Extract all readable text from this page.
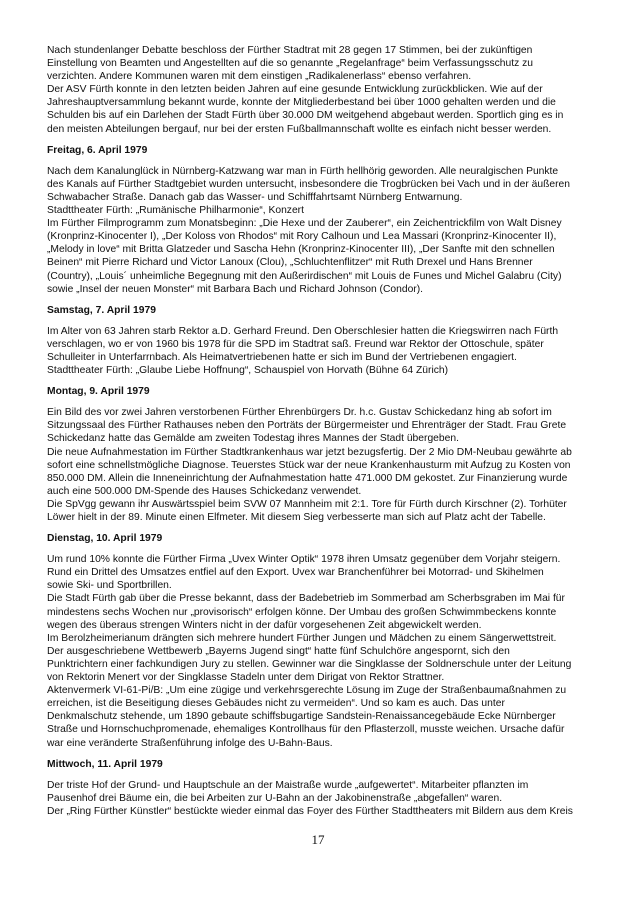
Nach stundenlanger Debatte beschloss der Fürther Stadtrat mit 28 gegen 17 Stimmen, bei der zukünftigen
Einstellung von Beamten und Angestellten auf die so genannte „Regelanfrage“ beim Verfassungsschutz zu
verzichten. Andere Kommunen waren mit dem einstigen „Radikalenerlass“ ebenso verfahren.
Der ASV Fürth konnte in den letzten beiden Jahren auf eine gesunde Entwicklung zurückblicken. Wie auf der
Jahreshauptversammlung bekannt wurde, konnte der Mitgliederbestand bei über 1000 gehalten werden und die
Schulden bis auf ein Darlehen der Stadt Fürth über 30.000 DM weitgehend abgebaut werden. Sportlich ging es in
den meisten Abteilungen bergauf, nur bei der ersten Fußballmannschaft wollte es einfach nicht besser werden.
Freitag, 6. April 1979
Nach dem Kanalunglück in Nürnberg-Katzwang war man in Fürth hellhörig geworden. Alle neuralgischen Punkte
des Kanals auf Fürther Stadtgebiet wurden untersucht, insbesondere die Trogbrücken bei Vach und in der äußeren
Schwabacher Straße. Danach gab das Wasser- und Schifffahrtsamt Nürnberg Entwarnung.
Stadttheater Fürth: „Rumänische Philharmonie“, Konzert
Im Fürther Filmprogramm zum Monatsbeginn: „Die Hexe und der Zauberer“, ein Zeichentrickfilm von Walt Disney
(Kronprinz-Kinocenter I), „Der Koloss von Rhodos“ mit Rory Calhoun und Lea Massari (Kronprinz-Kinocenter II),
„Melody in love“ mit Britta Glatzeder und Sascha Hehn (Kronprinz-Kinocenter III), „Der Sanfte mit den schnellen
Beinen“ mit Pierre Richard und Victor Lanoux (Clou), „Schluchtenflitzer“ mit Ruth Drexel und Hans Brenner
(Country), „Louis´ unheimliche Begegnung mit den Außerirdischen“ mit Louis de Funes und Michel Galabru (City)
sowie „Insel der neuen Monster“ mit Barbara Bach und Richard Johnson (Condor).
Samstag, 7. April 1979
Im Alter von 63 Jahren starb Rektor a.D. Gerhard Freund. Den Oberschlesier hatten die Kriegswirren nach Fürth
verschlagen, wo er von 1960 bis 1978 für die SPD im Stadtrat saß. Freund war Rektor der Ottoschule, später
Schulleiter in Unterfarrnbach. Als Heimatvertriebenen hatte er sich im Bund der Vertriebenen engagiert.
Stadttheater Fürth: „Glaube Liebe Hoffnung“, Schauspiel von Horvath (Bühne 64 Zürich)
Montag, 9. April 1979
Ein Bild des vor zwei Jahren verstorbenen Fürther Ehrenbürgers Dr. h.c. Gustav Schickedanz hing ab sofort im
Sitzungssaal des Fürther Rathauses neben den Porträts der Bürgermeister und Ehrenträger der Stadt. Frau Grete
Schickedanz hatte das Gemälde am zweiten Todestag ihres Mannes der Stadt übergeben.
Die neue Aufnahmestation im Fürther Stadtkrankenhaus war jetzt bezugsfertig. Der 2 Mio DM-Neubau gewährte ab
sofort eine schnellstmögliche Diagnose. Teuerstes Stück war der neue Krankenhausturm mit Aufzug zu Kosten von
850.000 DM. Allein die Inneneinrichtung der Aufnahmestation hatte 471.000 DM gekostet. Zur Finanzierung wurde
auch eine 500.000 DM-Spende des Hauses Schickedanz verwendet.
Die SpVgg gewann ihr Auswärtsspiel beim SVW 07 Mannheim mit 2:1. Tore für Fürth durch Kirschner (2). Torhüter
Löwer hielt in der 89. Minute einen Elfmeter. Mit diesem Sieg verbesserte man sich auf Platz acht der Tabelle.
Dienstag, 10. April 1979
Um rund 10% konnte die Fürther Firma „Uvex Winter Optik“ 1978 ihren Umsatz gegenüber dem Vorjahr steigern.
Rund ein Drittel des Umsatzes entfiel auf den Export. Uvex war Branchenführer bei Motorrad- und Skihelmen
sowie Ski- und Sportbrillen.
Die Stadt Fürth gab über die Presse bekannt, dass der Badebetrieb im Sommerbad am Scherbsgraben im Mai für
mindestens sechs Wochen nur „provisorisch“ erfolgen könne. Der Umbau des großen Schwimmbeckens konnte
wegen des überaus strengen Winters nicht in der dafür vorgesehenen Zeit abgewickelt werden.
Im Berolzheimerianum drängten sich mehrere hundert Fürther Jungen und Mädchen zu einem Sängerwettstreit.
Der ausgeschriebene Wettbewerb „Bayerns Jugend singt“ hatte fünf Schulchöre angespornt, sich den
Punktrichtern einer fachkundigen Jury zu stellen. Gewinner war die Singklasse der Soldnerschule unter der Leitung
von Rektorin Menert vor der Singklasse Stadeln unter dem Dirigat von Rektor Strattner.
Aktenvermerk VI-61-Pi/B: „Um eine zügige und verkehrsgerechte Lösung im Zuge der Straßenbaumaßnahmen zu
erreichen, ist die Beseitigung dieses Gebäudes nicht zu vermeiden“. Und so kam es auch. Das unter
Denkmalschutz stehende, um 1890 gebaute schiffsbugartige Sandstein-Renaissancegebäude Ecke Nürnberger
Straße und Hornschuchpromenade, ehemaliges Kontrollhaus für den Pflasterzoll, musste weichen. Ursache dafür
war eine veränderte Straßenführung infolge des U-Bahn-Baus.
Mittwoch, 11. April 1979
Der triste Hof der Grund- und Hauptschule an der Maistraße wurde „aufgewertet“. Mitarbeiter pflanzten im
Pausenhof drei Bäume ein, die bei Arbeiten zur U-Bahn an der Jakobinenstraße „abgefallen“ waren.
Der „Ring Fürther Künstler“ bestückte wieder einmal das Foyer des Fürther Stadttheaters mit Bildern aus dem Kreis
17
